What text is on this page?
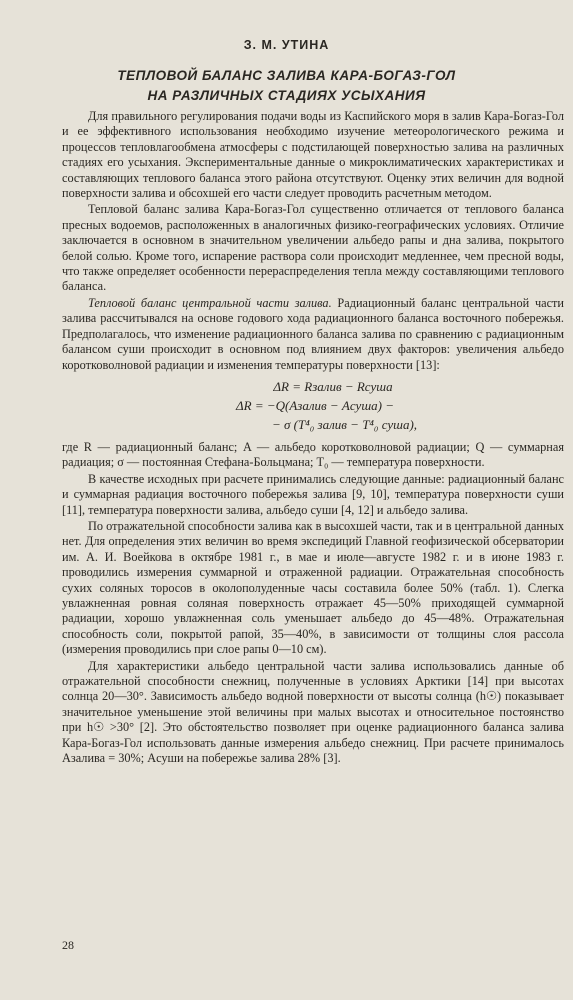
З. М. УТИНА
ТЕПЛОВОЙ БАЛАНС ЗАЛИВА КАРА-БОГАЗ-ГОЛ
НА РАЗЛИЧНЫХ СТАДИЯХ УСЫХАНИЯ

Для правильного регулирования подачи воды из Каспийского моря в залив Кара-Богаз-Гол и ее эффективного использования необходимо изучение метеорологического режима и процессов тепловлагообмена атмосферы с подстилающей поверхностью залива на различных стадиях его усыхания. Экспериментальные данные о микроклиматических характеристиках и составляющих теплового баланса этого района отсутствуют. Оценку этих величин для водной поверхности залива и обсохшей его части следует проводить расчетным методом.

Тепловой баланс залива Кара-Богаз-Гол существенно отличается от теплового баланса пресных водоемов, расположенных в аналогичных физико-географических условиях. Отличие заключается в основном в значительном увеличении альбедо рапы и дна залива, покрытого белой солью. Кроме того, испарение раствора соли происходит медленнее, чем пресной воды, что также определяет особенности перераспределения тепла между составляющими теплового баланса.

Тепловой баланс центральной части залива. Радиационный баланс центральной части залива рассчитывался на основе годового хода радиационного баланса восточного побережья. Предполагалось, что изменение радиационного баланса залива по сравнению с радиационным балансом суши происходит в основном под влиянием двух факторов: увеличения альбедо коротковолновой радиации и изменения температуры поверхности [13]:

ΔR = Rзалив − Rсуша
ΔR = −Q(Aзалив − Aсуша) −
− σ (T⁴₀ залив − T⁴₀ суша),

где R — радиационный баланс; A — альбедо коротковолновой радиации; Q — суммарная радиация; σ — постоянная Стефана-Больцмана; T₀ — температура поверхности.

В качестве исходных при расчете принимались следующие данные: радиационный баланс и суммарная радиация восточного побережья залива [9, 10], температура поверхности суши [11], температура поверхности залива, альбедо суши [4, 12] и альбедо залива.

По отражательной способности залива как в высохшей части, так и в центральной данных нет. Для определения этих величин во время экспедиций Главной геофизической обсерватории им. А. И. Воейкова в октябре 1981 г., в мае и июле—августе 1982 г. и в июне 1983 г. проводились измерения суммарной и отраженной радиации. Отражательная способность сухих соляных торосов в околополуденные часы составила более 50% (табл. 1). Слегка увлажненная ровная соляная поверхность отражает 45—50% приходящей суммарной радиации, хорошо увлажненная соль уменьшает альбедо до 45—48%. Отражательная способность соли, покрытой рапой, 35—40%, в зависимости от толщины слоя рассола (измерения проводились при слое рапы 0—10 см).

Для характеристики альбедо центральной части залива использовались данные об отражательной способности снежниц, полученные в условиях Арктики [14] при высотах солнца 20—30°. Зависимость альбедо водной поверхности от высоты солнца (h☉) показывает значительное уменьшение этой величины при малых высотах и относительное постоянство при h☉ >30° [2]. Это обстоятельство позволяет при оценке радиационного баланса залива Кара-Богаз-Гол использовать данные измерения альбедо снежниц. При расчете принималось Aзалива = 30%; Aсуши на побережье залива 28% [3].

28
